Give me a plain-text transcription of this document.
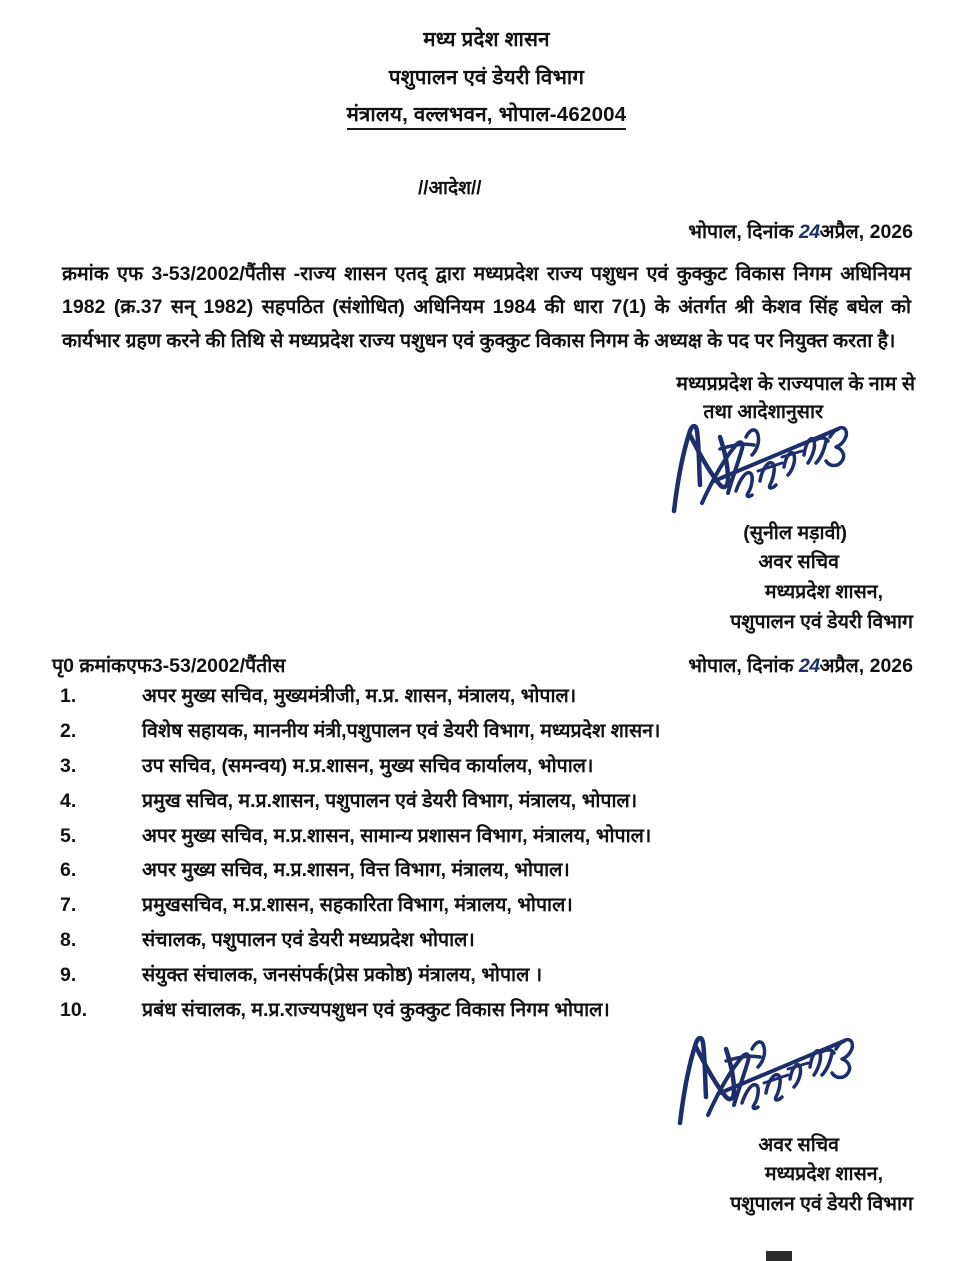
मध्य प्रदेश शासन
पशुपालन एवं डेयरी विभाग
मंत्रालय, वल्लभवन, भोपाल-462004
//आदेश//
भोपाल, दिनांक 24अप्रैल, 2026
क्रमांक एफ 3-53/2002/पैंतीस -राज्य शासन एतद् द्वारा मध्यप्रदेश राज्य पशुधन एवं कुक्कुट विकास निगम अधिनियम 1982 (क्र.37 सन् 1982) सहपठित (संशोधित) अधिनियम 1984 की धारा 7(1) के अंतर्गत श्री केशव सिंह बघेल को कार्यभार ग्रहण करने की तिथि से मध्यप्रदेश राज्य पशुधन एवं कुक्कुट विकास निगम के अध्यक्ष के पद पर नियुक्त करता है।
मध्यप्रप्रदेश के राज्यपाल के नाम से
तथा आदेशानुसार
(सुनील मड़ावी)
अवर सचिव
मध्यप्रदेश शासन,
पशुपालन एवं डेयरी विभाग
पृ0 क्रमांकएफ3-53/2002/पैंतीस	भोपाल, दिनांक 24अप्रैल, 2026
1.	अपर मुख्य सचिव, मुख्यमंत्रीजी, म.प्र. शासन, मंत्रालय, भोपाल।
2.	विशेष सहायक, माननीय मंत्री,पशुपालन एवं डेयरी विभाग, मध्यप्रदेश शासन।
3.	उप सचिव, (समन्वय) म.प्र.शासन, मुख्य सचिव कार्यालय, भोपाल।
4.	प्रमुख सचिव, म.प्र.शासन, पशुपालन एवं डेयरी विभाग, मंत्रालय, भोपाल।
5.	अपर मुख्य सचिव, म.प्र.शासन, सामान्य प्रशासन विभाग, मंत्रालय, भोपाल।
6.	अपर मुख्य सचिव, म.प्र.शासन, वित्त विभाग, मंत्रालय, भोपाल।
7.	प्रमुखसचिव, म.प्र.शासन, सहकारिता विभाग, मंत्रालय, भोपाल।
8.	संचालक, पशुपालन एवं डेयरी मध्यप्रदेश भोपाल।
9.	संयुक्त संचालक, जनसंपर्क(प्रेस प्रकोष्ठ) मंत्रालय, भोपाल ।
10.	प्रबंध संचालक, म.प्र.राज्यपशुधन एवं कुक्कुट विकास निगम भोपाल।
अवर सचिव
मध्यप्रदेश शासन,
पशुपालन एवं डेयरी विभाग
